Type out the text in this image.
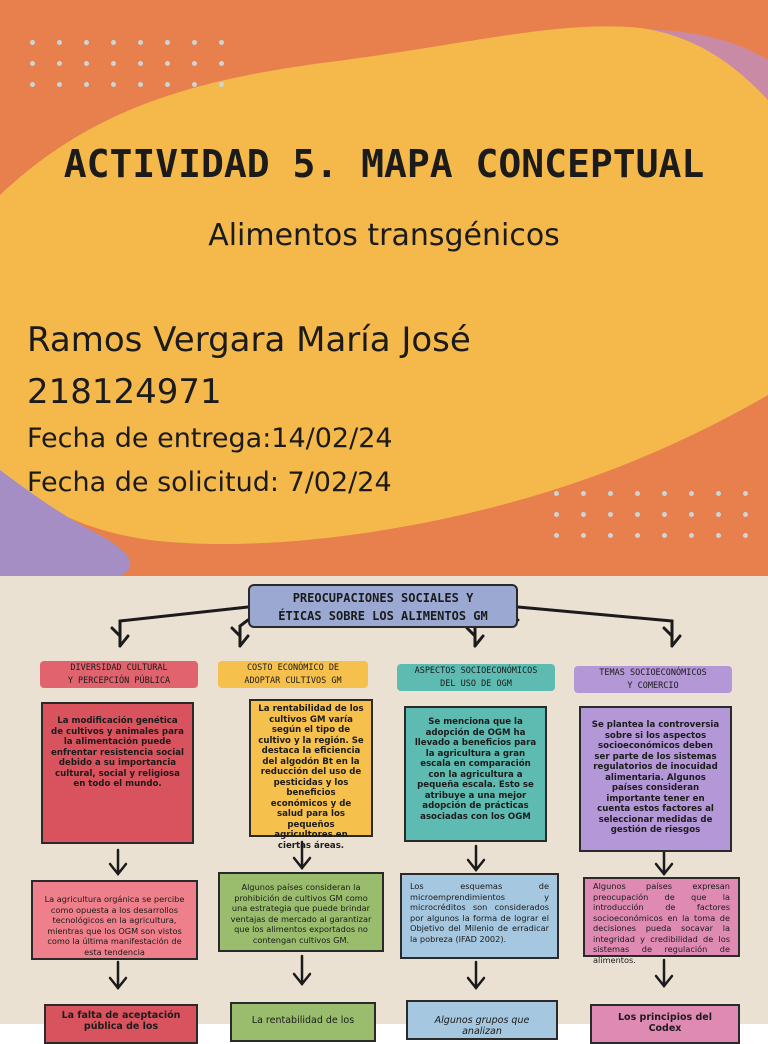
ACTIVIDAD 5. MAPA CONCEPTUAL
Alimentos transgénicos
Ramos Vergara María José
218124971
Fecha de entrega:14/02/24
Fecha de solicitud: 7/02/24
PREOCUPACIONES SOCIALES Y
ÉTICAS SOBRE LOS ALIMENTOS GM
DIVERSIDAD CULTURAL
Y PERCEPCIÓN PÚBLICA
COSTO ECONÓMICO DE
ADOPTAR CULTIVOS GM
ASPECTOS SOCIOECONÓMICOS
DEL USO DE OGM
TEMAS SOCIOECONÓMICOS
Y COMERCIO
La modificación genética de cultivos y animales para la alimentación puede enfrentar resistencia social debido a su importancia cultural, social y religiosa en todo el mundo.
La rentabilidad de los cultivos GM varía según el tipo de cultivo y la región. Se destaca la eficiencia del algodón Bt en la reducción del uso de pesticidas y los beneficios económicos y de salud para los pequeños agricultores en ciertas áreas.
Se menciona que la adopción de OGM ha llevado a beneficios para la agricultura a gran escala en comparación con la agricultura a pequeña escala. Esto se atribuye a una mejor adopción de prácticas asociadas con los OGM
Se plantea la controversia sobre si los aspectos socioeconómicos deben ser parte de los sistemas regulatorios de inocuidad alimentaria. Algunos países consideran importante tener en cuenta estos factores al seleccionar medidas de gestión de riesgos
La agricultura orgánica se percibe como opuesta a los desarrollos tecnológicos en la agricultura, mientras que los OGM son vistos como la última manifestación de esta tendencia
Algunos países consideran la prohibición de cultivos GM como una estrategia que puede brindar ventajas de mercado al garantizar que los alimentos exportados no contengan cultivos GM.
Los esquemas de microemprendimientos y microcréditos son considerados por algunos la forma de lograr el Objetivo del Milenio de erradicar la pobreza (IFAD 2002).
Algunos países expresan preocupación de que la introducción de factores socioeconómicos en la toma de decisiones pueda socavar la integridad y credibilidad de los sistemas de regulación de alimentos.
La falta de aceptación pública de los	La rentabilidad de los	Algunos grupos que analizan
Los principios del Codex
